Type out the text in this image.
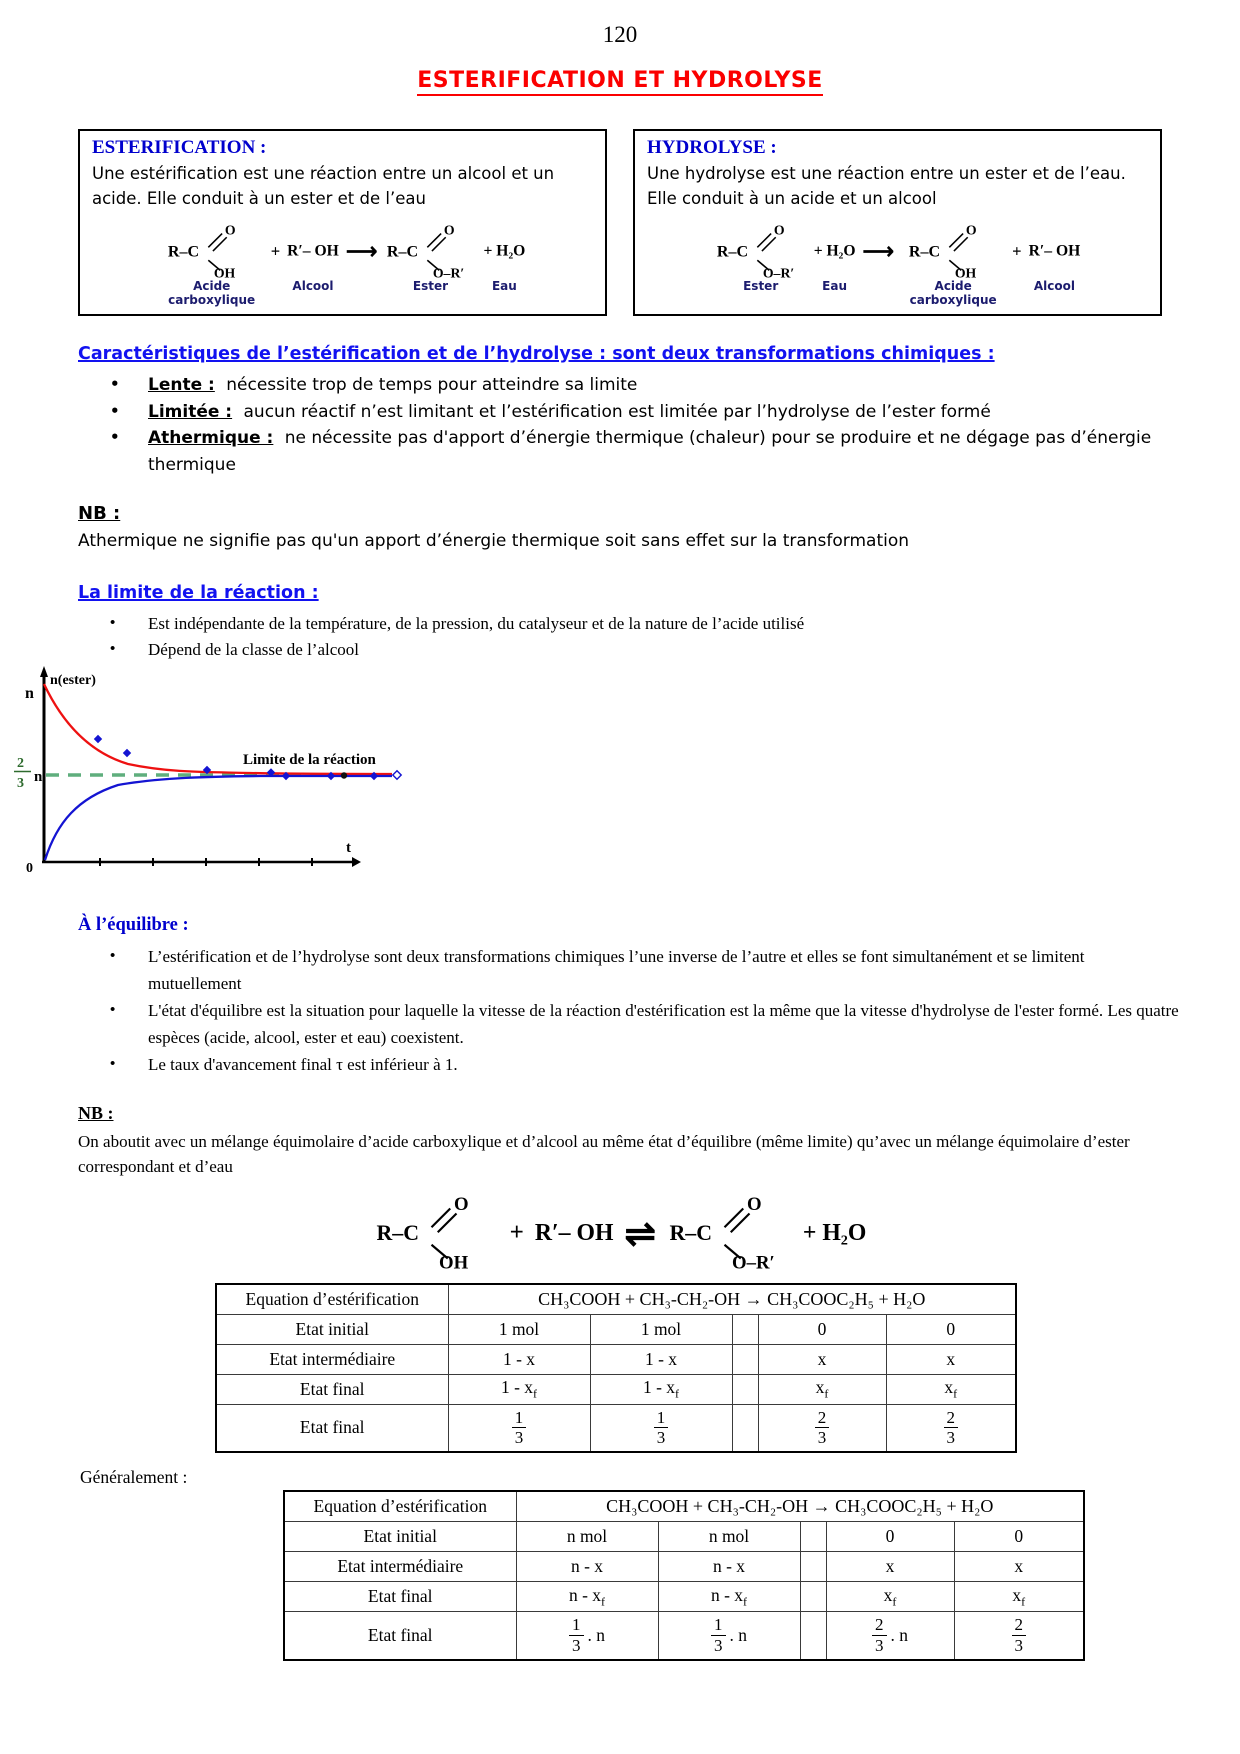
120
ESTERIFICATION ET HYDROLYSE
ESTERIFICATION :
Une estérification est une réaction entre un alcool et un acide. Elle conduit à un ester et de l’eau
R–C
O
OH
Acide carboxylique
+ R′– OH
Alcool
⟶ R–C
O
O–R′
Ester
+ H₂O
Eau
HYDROLYSE :
Une hydrolyse est une réaction entre un ester et de l’eau. Elle conduit à un acide et un alcool
R–C
O
O–R′
Ester
+ H₂O
Eau
⟶ R–C
O
OH
Acide carboxylique
+ R′– OH
Alcool
Caractéristiques de l’estérification et de l’hydrolyse : sont deux transformations chimiques :
•	Lente : nécessite trop de temps pour atteindre sa limite
•	Limitée : aucun réactif n’est limitant et l’estérification est limitée par l’hydrolyse de l’ester formé
•	Athermique : ne nécessite pas d'apport d’énergie thermique (chaleur) pour se produire et ne dégage pas d’énergie thermique
NB :
Athermique ne signifie pas qu'un apport d’énergie thermique soit sans effet sur la transformation
La limite de la réaction :
•	Est indépendante de la température, de la pression, du catalyseur et de la nature de l’acide utilisé
•	Dépend de la classe de l’alcool
n(ester)
n
2
3 n
0
t
Limite de la réaction
À l’équilibre :
•	L’estérification et de l’hydrolyse sont deux transformations chimiques l’une inverse de l’autre et elles se font simultanément et se limitent mutuellement
•	L'état d'équilibre est la situation pour laquelle la vitesse de la réaction d'estérification est la même que la vitesse d'hydrolyse de l'ester formé. Les quatre espèces (acide, alcool, ester et eau) coexistent.
•	Le taux d'avancement final τ est inférieur à 1.
NB :
On aboutit avec un mélange équimolaire d’acide carboxylique et d’alcool au même état d’équilibre (même limite) qu’avec un mélange équimolaire d’ester correspondant et d’eau
R–C
O
OH
+ R′– OH ⇌ R–C
O
O–R′
+ H₂O
Equation d’estérification	CH₃COOH + CH₃-CH₂-OH → CH₃COOC₂H₅ + H₂O				
Etat initial	1 mol	1 mol		0	0
Etat intermédiaire	1 - x	1 - x		x	x
Etat final	$1 - x_f$	$1 - x_f$		$x_f$	$x_f$
Etat final	$\frac{1}{3}$	$\frac{1}{3}$		$\frac{2}{3}$	$\frac{2}{3}$
Généralement :
Equation d’estérification	CH₃COOH + CH₃-CH₂-OH → CH₃COOC₂H₅ + H₂O				
Etat initial	n mol	n mol		0	0
Etat intermédiaire	n - x	n - x		x	x
Etat final	n - $x_f$	n - $x_f$		$x_f$	$x_f$
Etat final	$\frac{1}{3}$ . n	$\frac{1}{3}$ . n		$\frac{2}{3}$ . n	$\frac{2}{3}$
